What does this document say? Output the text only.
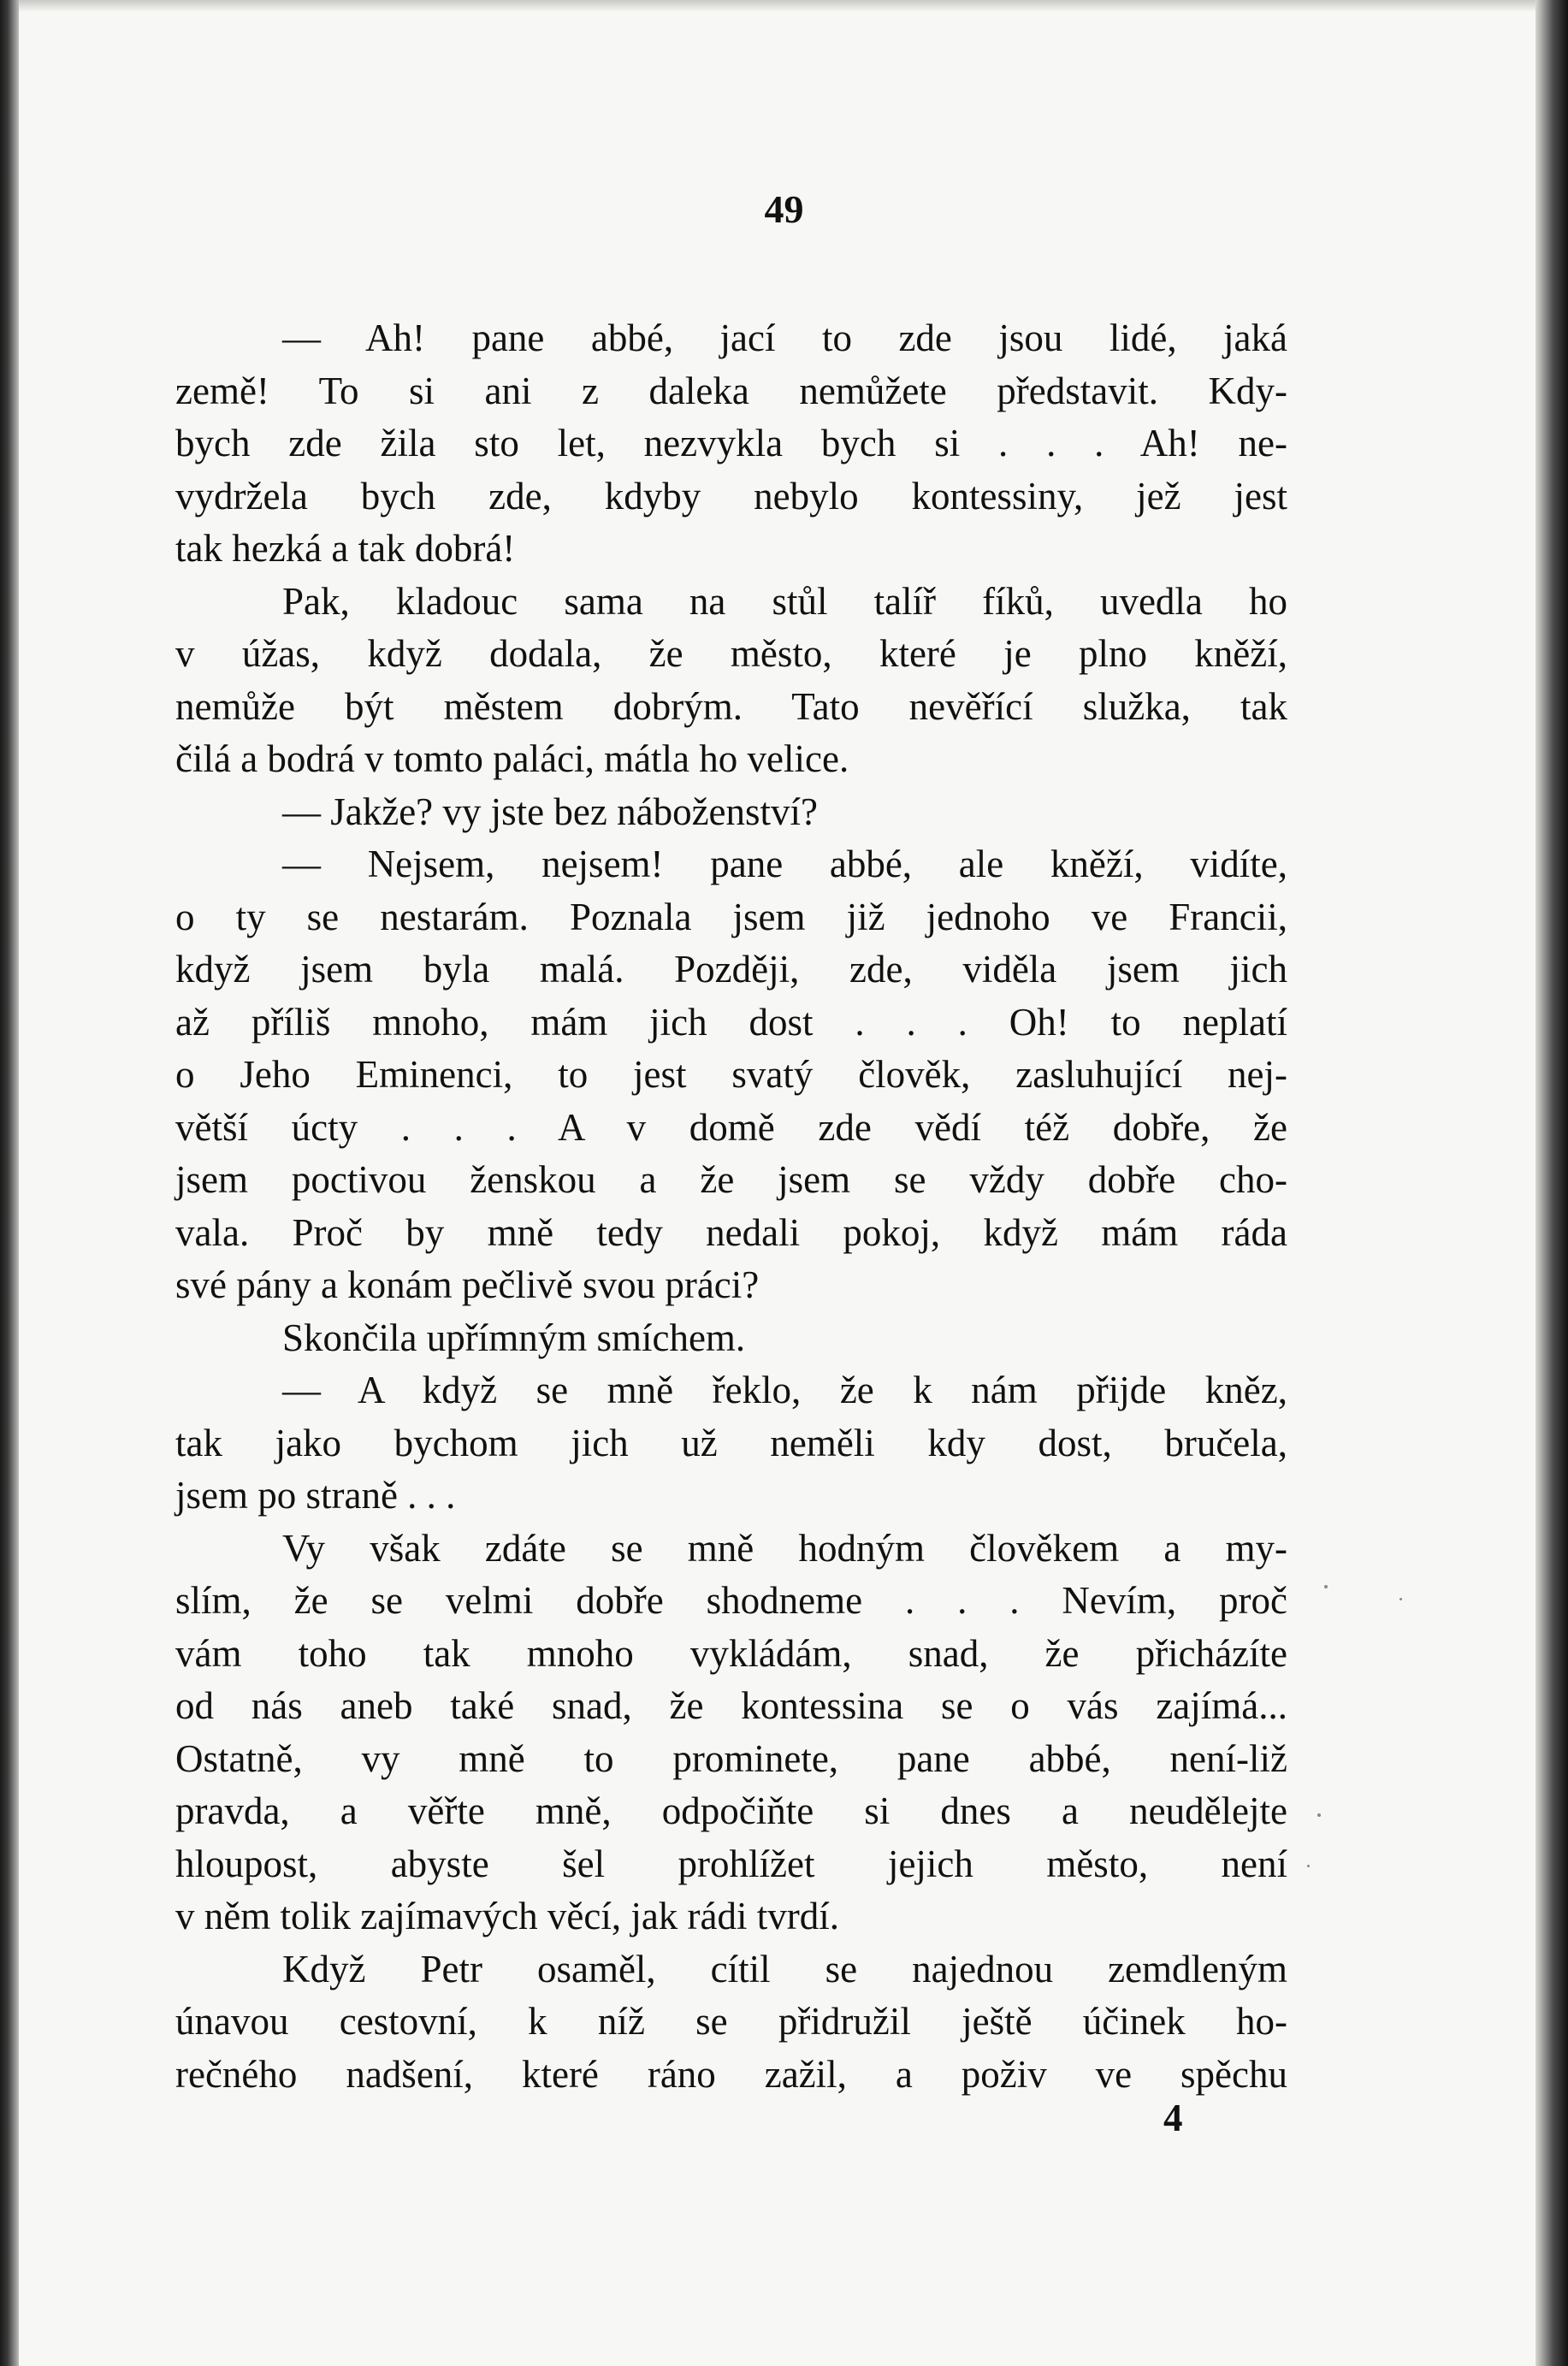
49
— Ah! pane abbé, jací to zde jsou lidé, jaká
země! To si ani z daleka nemůžete představit. Kdy-
bych zde žila sto let, nezvykla bych si . . . Ah! ne-
vydržela bych zde, kdyby nebylo kontessiny, jež jest
tak hezká a tak dobrá!
Pak, kladouc sama na stůl talíř fíků, uvedla ho
v úžas, když dodala, že město, které je plno kněží,
nemůže být městem dobrým. Tato nevěřící služka, tak
čilá a bodrá v tomto paláci, mátla ho velice.
— Jakže? vy jste bez náboženství?
— Nejsem, nejsem! pane abbé, ale kněží, vidíte,
o ty se nestarám. Poznala jsem již jednoho ve Francii,
když jsem byla malá. Později, zde, viděla jsem jich
až příliš mnoho, mám jich dost . . . Oh! to neplatí
o Jeho Eminenci, to jest svatý člověk, zasluhující nej-
větší úcty . . . A v domě zde vědí též dobře, že
jsem poctivou ženskou a že jsem se vždy dobře cho-
vala. Proč by mně tedy nedali pokoj, když mám ráda
své pány a konám pečlivě svou práci?
Skončila upřímným smíchem.
— A když se mně řeklo, že k nám přijde kněz,
tak jako bychom jich už neměli kdy dost, bručela,
jsem po straně . . .
Vy však zdáte se mně hodným člověkem a my-
slím, že se velmi dobře shodneme . . . Nevím, proč
vám toho tak mnoho vykládám, snad, že přicházíte
od nás aneb také snad, že kontessina se o vás zajímá...
Ostatně, vy mně to prominete, pane abbé, není-liž
pravda, a věřte mně, odpočiňte si dnes a neudělejte
hloupost, abyste šel prohlížet jejich město, není
v něm tolik zajímavých věcí, jak rádi tvrdí.
Když Petr osaměl, cítil se najednou zemdleným
únavou cestovní, k níž se přidružil ještě účinek ho-
rečného nadšení, které ráno zažil, a poživ ve spěchu
4
